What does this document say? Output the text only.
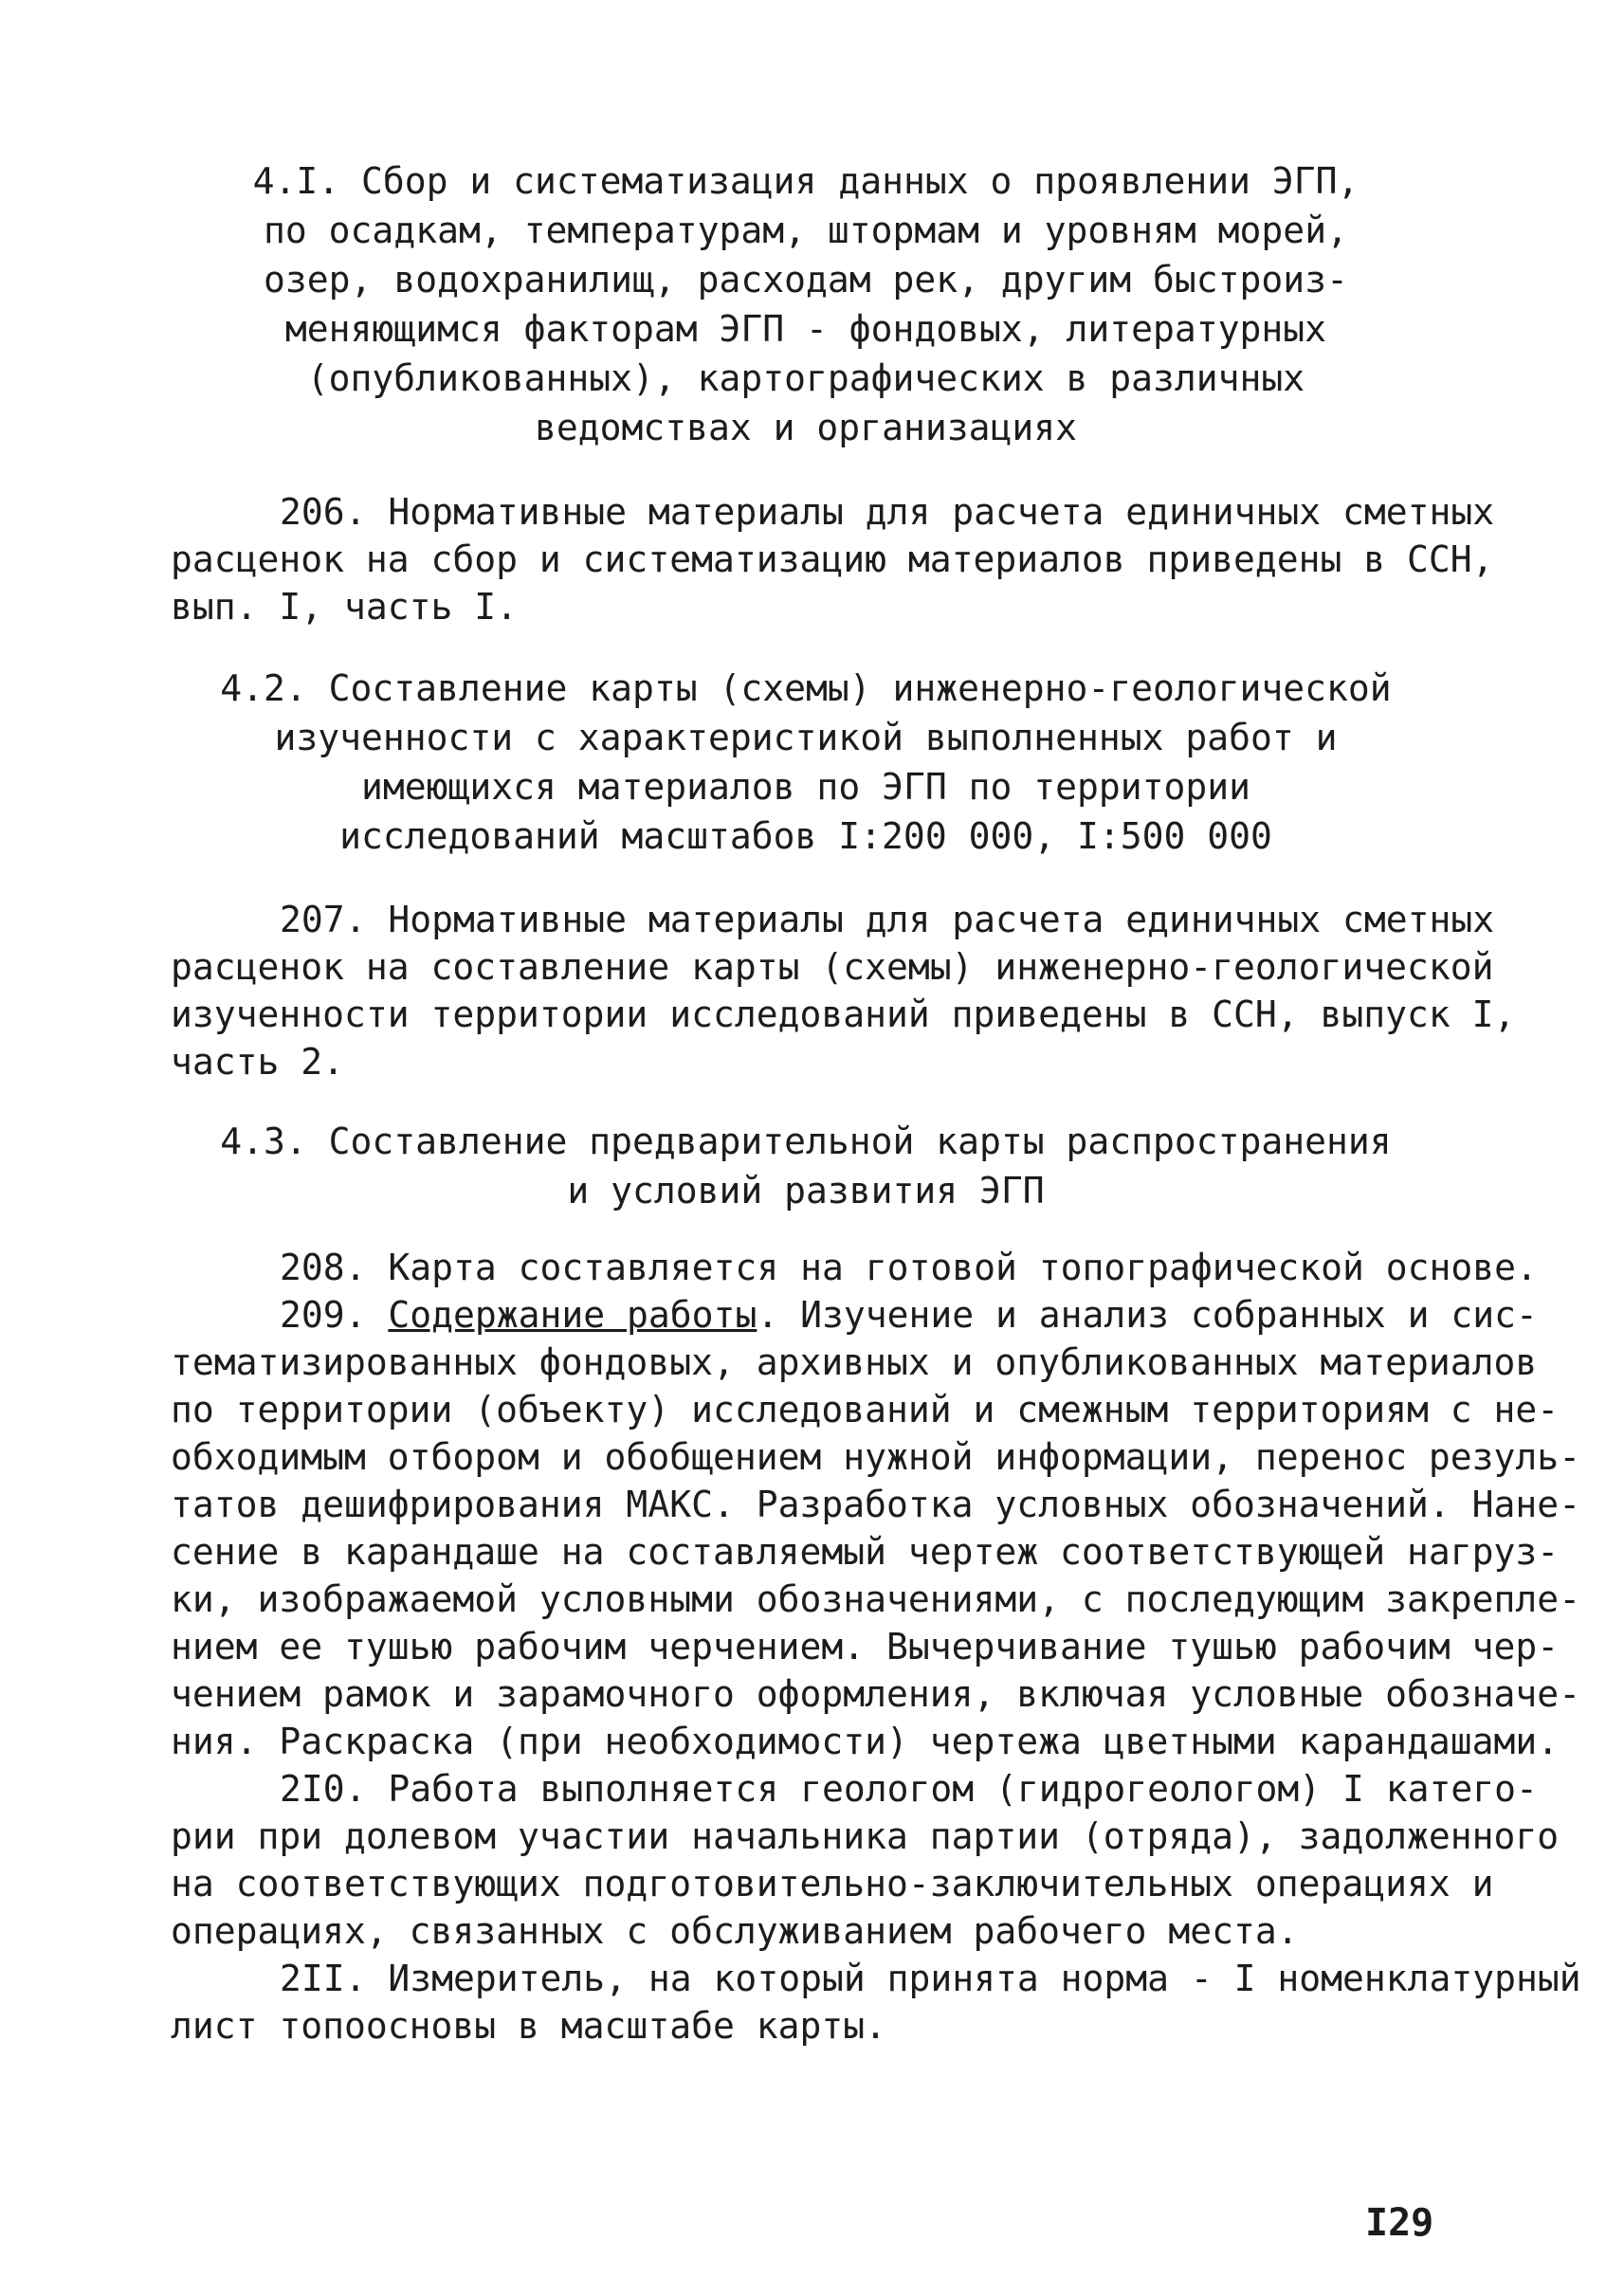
4.I. Сбор и систематизация данных о проявлении ЭГП,
по осадкам, температурам, штормам и уровням морей,
озер, водохранилищ, расходам рек, другим быстроиз-
меняющимся факторам ЭГП - фондовых, литературных
(опубликованных), картографических в различных
ведомствах и организациях
206. Нормативные материалы для расчета единичных сметных
расценок на сбор и систематизацию материалов приведены в ССН,
вып. I, часть I.
4.2. Составление карты (схемы) инженерно-геологической
изученности с характеристикой выполненных работ и
имеющихся материалов по ЭГП по территории
исследований масштабов I:200 000, I:500 000
207. Нормативные материалы для расчета единичных сметных
расценок на составление карты (схемы) инженерно-геологической
изученности территории исследований приведены в ССН, выпуск I,
часть 2.
4.3. Составление предварительной карты распространения
и условий развития ЭГП
208. Карта составляется на готовой топографической основе.
209. Содержание работы. Изучение и анализ собранных и сис-
тематизированных фондовых, архивных и опубликованных материалов
по территории (объекту) исследований и смежным территориям с не-
обходимым отбором и обобщением нужной информации, перенос резуль-
татов дешифрирования МАКС. Разработка условных обозначений. Нане-
сение в карандаше на составляемый чертеж соответствующей нагруз-
ки, изображаемой условными обозначениями, с последующим закрепле-
нием ее тушью рабочим черчением. Вычерчивание тушью рабочим чер-
чением рамок и зарамочного оформления, включая условные обозначе-
ния. Раскраска (при необходимости) чертежа цветными карандашами.
2I0. Работа выполняется геологом (гидрогеологом) I катего-
рии при долевом участии начальника партии (отряда), задолженного
на соответствующих подготовительно-заключительных операциях и
операциях, связанных с обслуживанием рабочего места.
2II. Измеритель, на который принята норма - I номенклатурный
лист топоосновы в масштабе карты.
I29
